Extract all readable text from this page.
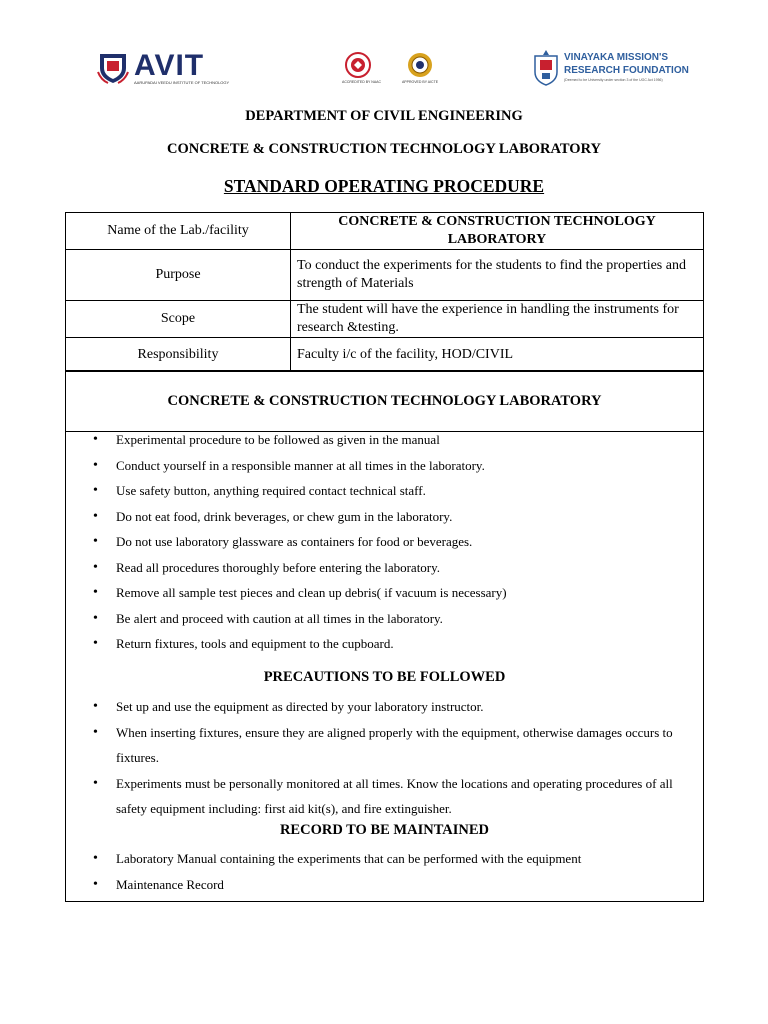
AVIT
AARUPADAI VEEDU INSTITUTE OF TECHNOLOGY	ACCREDITED BY NAAC	APPROVED BY AICTE
VINAYAKA MISSION'S
RESEARCH FOUNDATION
(Deemed to be University under section 3 of the UGC Act 1956)
DEPARTMENT OF CIVIL ENGINEERING
CONCRETE & CONSTRUCTION TECHNOLOGY LABORATORY
STANDARD OPERATING PROCEDURE
Name of the Lab./facility	CONCRETE & CONSTRUCTION TECHNOLOGY LABORATORY
Purpose	To conduct the experiments for the students to find the properties and strength of Materials
Scope	The student will have the experience in handling the instruments for research &testing.
Responsibility	Faculty i/c of the facility, HOD/CIVIL
CONCRETE & CONSTRUCTION TECHNOLOGY LABORATORY
• Experimental procedure to be followed as given in the manual
• Conduct yourself in a responsible manner at all times in the laboratory.
• Use safety button, anything required contact technical staff.
• Do not eat food, drink beverages, or chew gum in the laboratory.
• Do not use laboratory glassware as containers for food or beverages.
• Read all procedures thoroughly before entering the laboratory.
• Remove all sample test pieces and clean up debris( if vacuum is necessary)
• Be alert and proceed with caution at all times in the laboratory.
• Return fixtures, tools and equipment to the cupboard.
PRECAUTIONS TO BE FOLLOWED
• Set up and use the equipment as directed by your laboratory instructor.
• When inserting fixtures, ensure they are aligned properly with the equipment, otherwise damages occurs to fixtures.
• Experiments must be personally monitored at all times. Know the locations and operating procedures of all safety equipment including: first aid kit(s), and fire extinguisher.
RECORD TO BE MAINTAINED
• Laboratory Manual containing the experiments that can be performed with the equipment
• Maintenance Record
